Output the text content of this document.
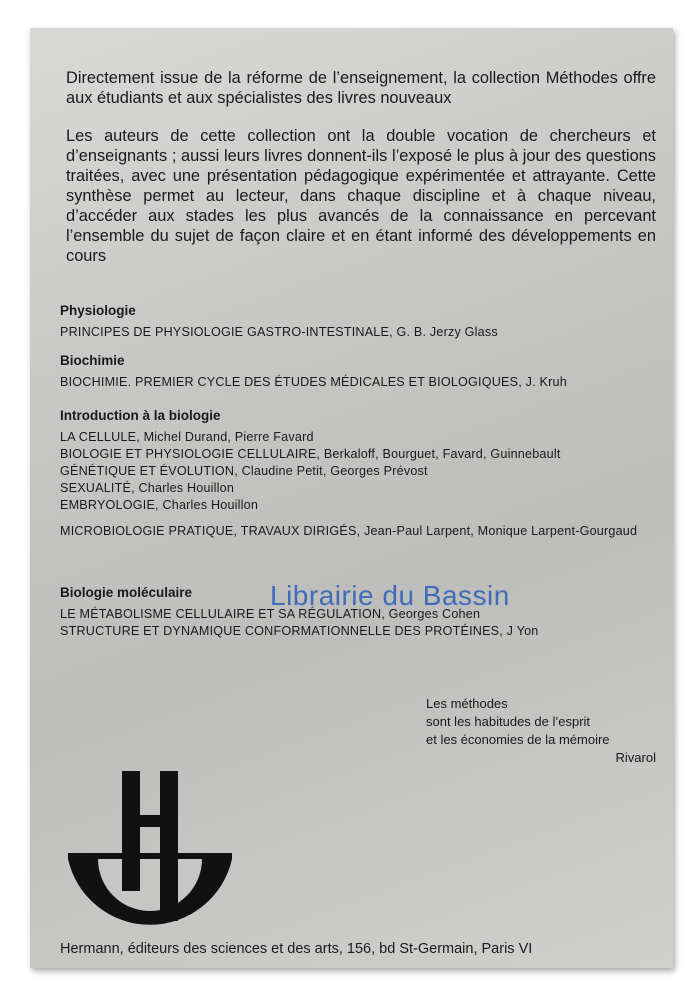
Directement issue de la réforme de l’enseignement, la collection Méthodes offre aux étudiants et aux spécialistes des livres nouveaux

Les auteurs de cette collection ont la double vocation de chercheurs et d’enseignants ; aussi leurs livres donnent-ils l’exposé le plus à jour des questions traitées, avec une présentation pédagogique expérimentée et attrayante. Cette synthèse permet au lecteur, dans chaque discipline et à chaque niveau, d’accéder aux stades les plus avancés de la connaissance en percevant l’ensemble du sujet de façon claire et en étant informé des développements en cours

Physiologie
PRINCIPES DE PHYSIOLOGIE GASTRO-INTESTINALE, G. B. Jerzy Glass
Biochimie
BIOCHIMIE. PREMIER CYCLE DES ÉTUDES MÉDICALES ET BIOLOGIQUES, J. Kruh
Introduction à la biologie
LA CELLULE, Michel Durand, Pierre Favard
BIOLOGIE ET PHYSIOLOGIE CELLULAIRE, Berkaloff, Bourguet, Favard, Guinnebault
GÉNÉTIQUE ET ÉVOLUTION, Claudine Petit, Georges Prévost
SEXUALITÉ, Charles Houillon
EMBRYOLOGIE, Charles Houillon
MICROBIOLOGIE PRATIQUE, TRAVAUX DIRIGÉS, Jean-Paul Larpent, Monique Larpent-Gourgaud
Biologie moléculaire
LE MÉTABOLISME CELLULAIRE ET SA RÉGULATION, Georges Cohen
STRUCTURE ET DYNAMIQUE CONFORMATIONNELLE DES PROTÉINES, J Yon
Les méthodes
sont les habitudes de l’esprit
et les économies de la mémoire
Rivarol
Hermann, éditeurs des sciences et des arts, 156, bd St-Germain, Paris VI
Librairie du Bassin
